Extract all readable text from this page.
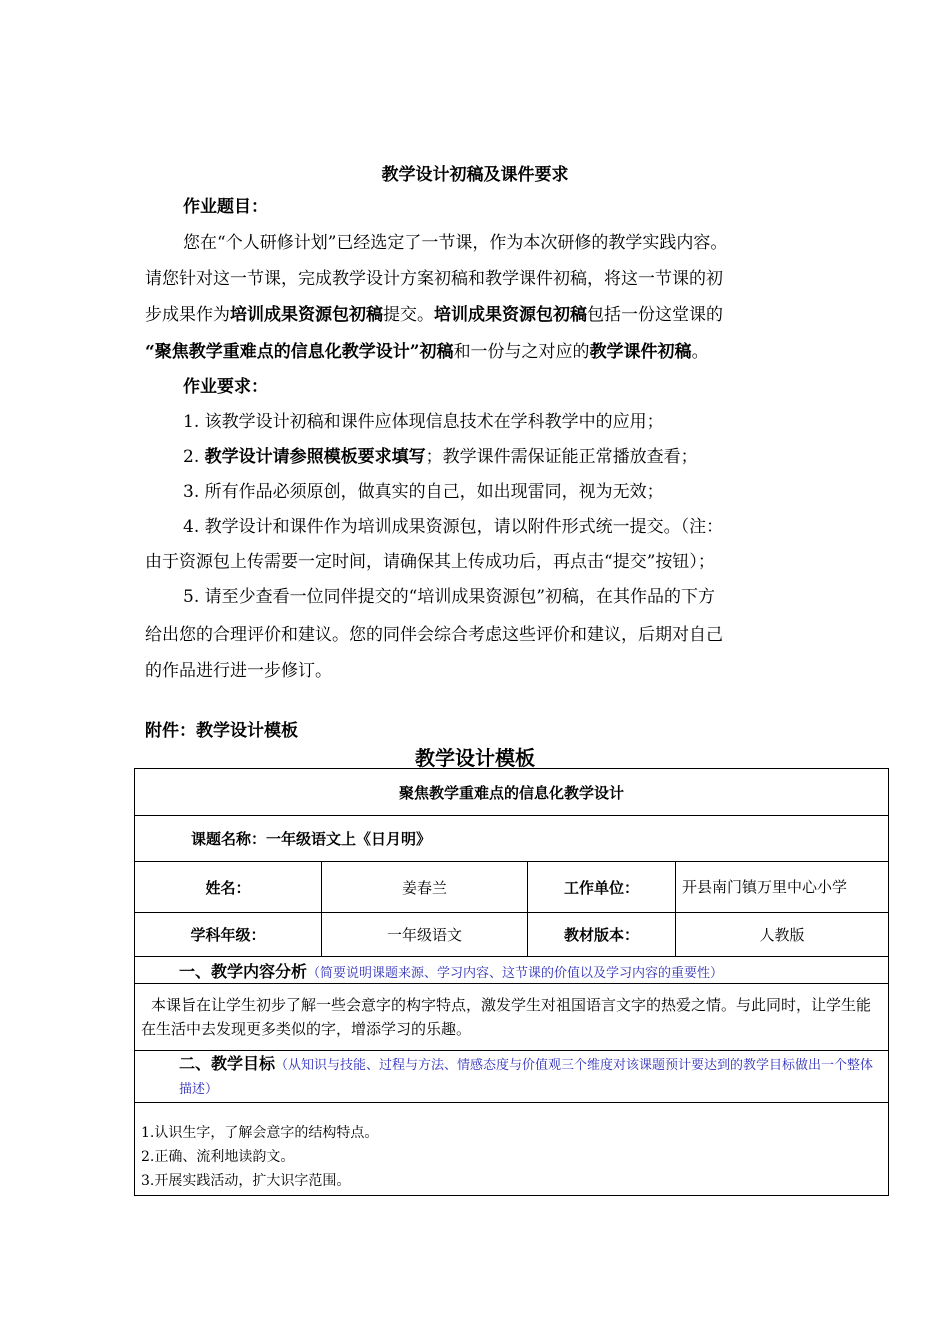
教学设计初稿及课件要求
作业题目：
您在“个人研修计划”已经选定了一节课，作为本次研修的教学实践内容。
请您针对这一节课，完成教学设计方案初稿和教学课件初稿，将这一节课的初
步成果作为培训成果资源包初稿提交。培训成果资源包初稿包括一份这堂课的
“聚焦教学重难点的信息化教学设计”初稿和一份与之对应的教学课件初稿。
作业要求：
1. 该教学设计初稿和课件应体现信息技术在学科教学中的应用；
2. 教学设计请参照模板要求填写；教学课件需保证能正常播放查看；
3. 所有作品必须原创，做真实的自己，如出现雷同，视为无效；
4. 教学设计和课件作为培训成果资源包，请以附件形式统一提交。（注：
由于资源包上传需要一定时间，请确保其上传成功后，再点击“提交”按钮）；
5. 请至少查看一位同伴提交的“培训成果资源包”初稿，在其作品的下方
给出您的合理评价和建议。您的同伴会综合考虑这些评价和建议，后期对自己
的作品进行进一步修订。
附件：教学设计模板
教学设计模板
聚焦教学重难点的信息化教学设计			
课题名称：一年级语文上《日月明》			
姓名：	姜春兰	工作单位：	开县南门镇万里中心小学
学科年级：	一年级语文	教材版本：	人教版
一、教学内容分析（简要说明课题来源、学习内容、这节课的价值以及学习内容的重要性）			
本课旨在让学生初步了解一些会意字的构字特点，激发学生对祖国语言文字的热爱之情。与此同时，让学生能在生活中去发现更多类似的字，增添学习的乐趣。			
二、教学目标（从知识与技能、过程与方法、情感态度与价值观三个维度对该课题预计要达到的教学目标做出一个整体描述）			

1.认识生字，了解会意字的结构特点。
2.正确、流利地读韵文。
3.开展实践活动，扩大识字范围。			
